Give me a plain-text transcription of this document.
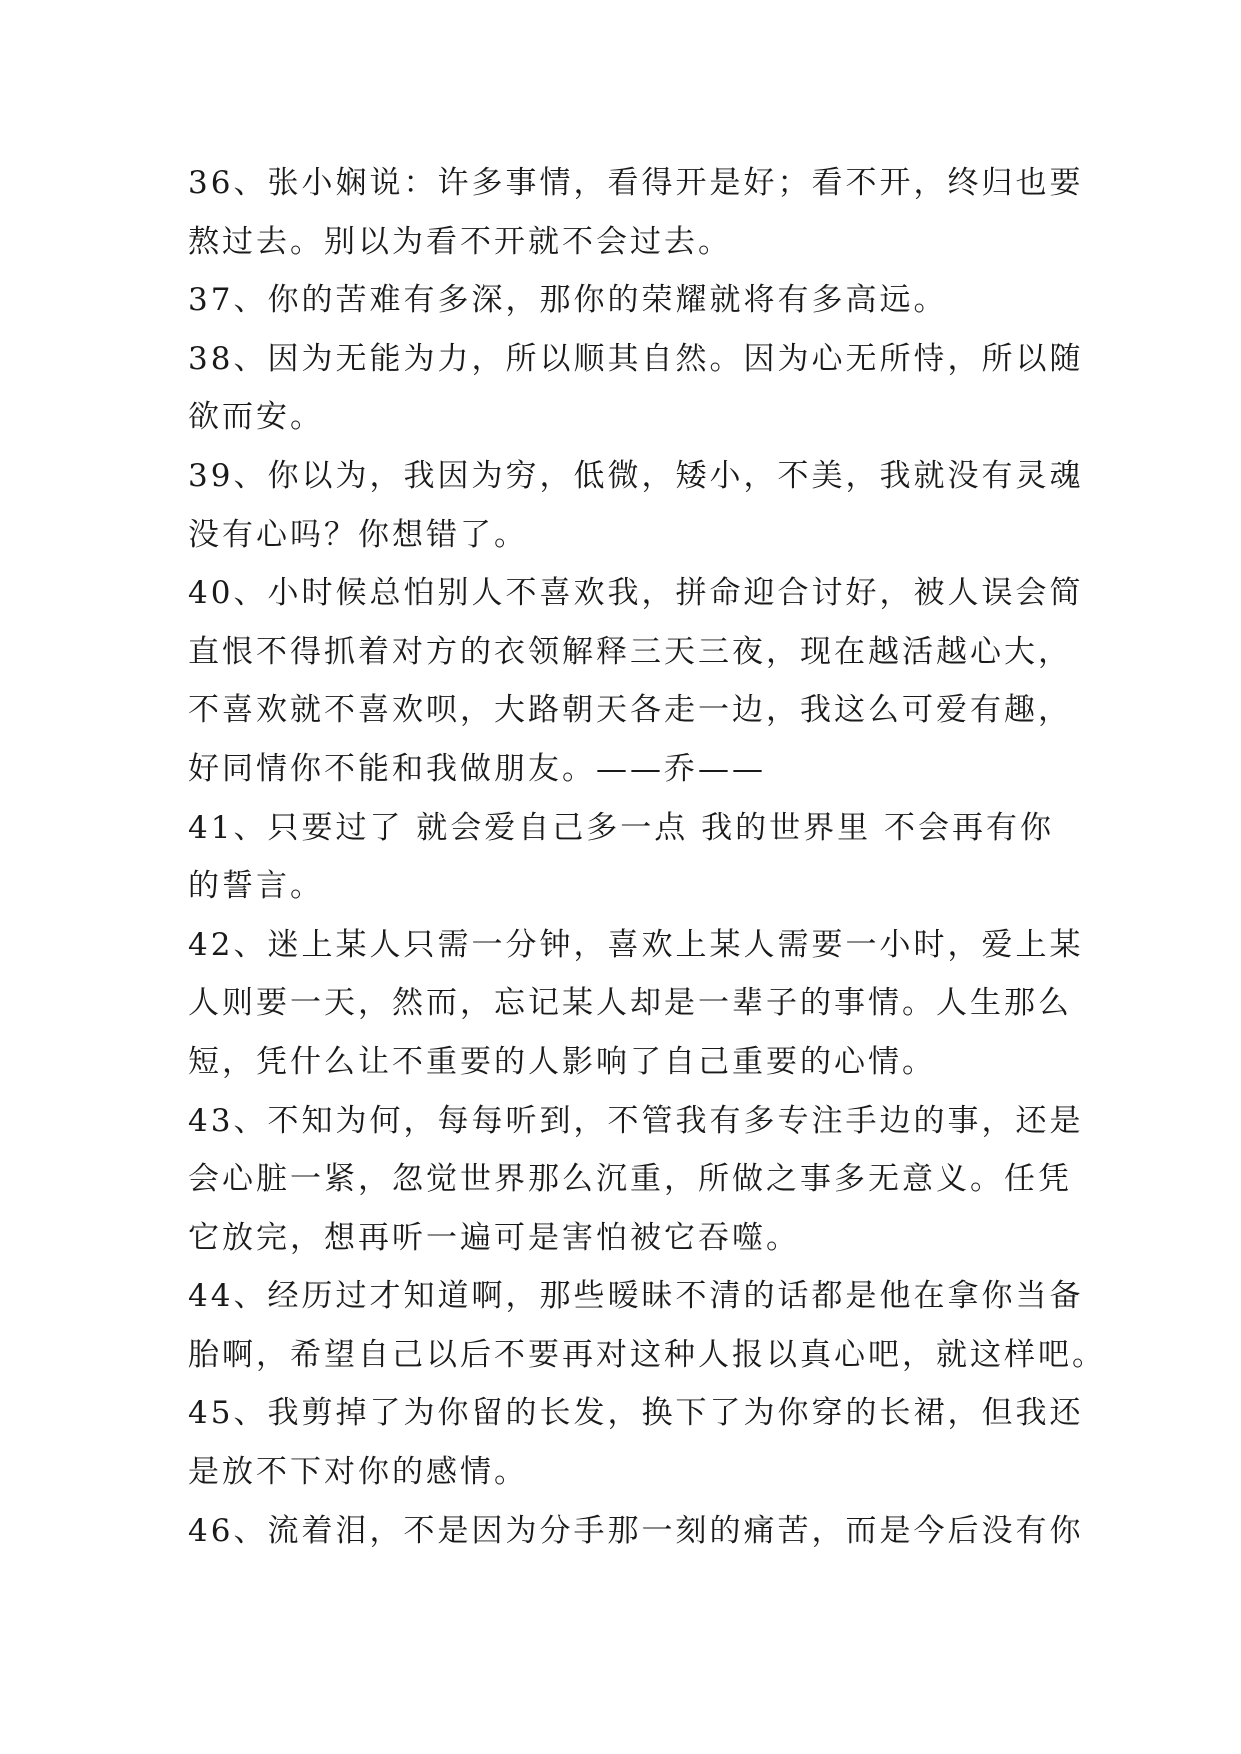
36、张小娴说：许多事情，看得开是好；看不开，终归也要
熬过去。别以为看不开就不会过去。
37、你的苦难有多深，那你的荣耀就将有多高远。
38、因为无能为力，所以顺其自然。因为心无所恃，所以随
欲而安。
39、你以为，我因为穷，低微，矮小，不美，我就没有灵魂
没有心吗？你想错了。
40、小时候总怕别人不喜欢我，拼命迎合讨好，被人误会简
直恨不得抓着对方的衣领解释三天三夜，现在越活越心大，
不喜欢就不喜欢呗，大路朝天各走一边，我这么可爱有趣，
好同情你不能和我做朋友。——乔——
41、只要过了 就会爱自己多一点 我的世界里 不会再有你
的誓言。
42、迷上某人只需一分钟，喜欢上某人需要一小时，爱上某
人则要一天，然而，忘记某人却是一辈子的事情。人生那么
短，凭什么让不重要的人影响了自己重要的心情。
43、不知为何，每每听到，不管我有多专注手边的事，还是
会心脏一紧，忽觉世界那么沉重，所做之事多无意义。任凭
它放完，想再听一遍可是害怕被它吞噬。
44、经历过才知道啊，那些暧昧不清的话都是他在拿你当备
胎啊，希望自己以后不要再对这种人报以真心吧，就这样吧。
45、我剪掉了为你留的长发，换下了为你穿的长裙，但我还
是放不下对你的感情。
46、流着泪，不是因为分手那一刻的痛苦，而是今后没有你
